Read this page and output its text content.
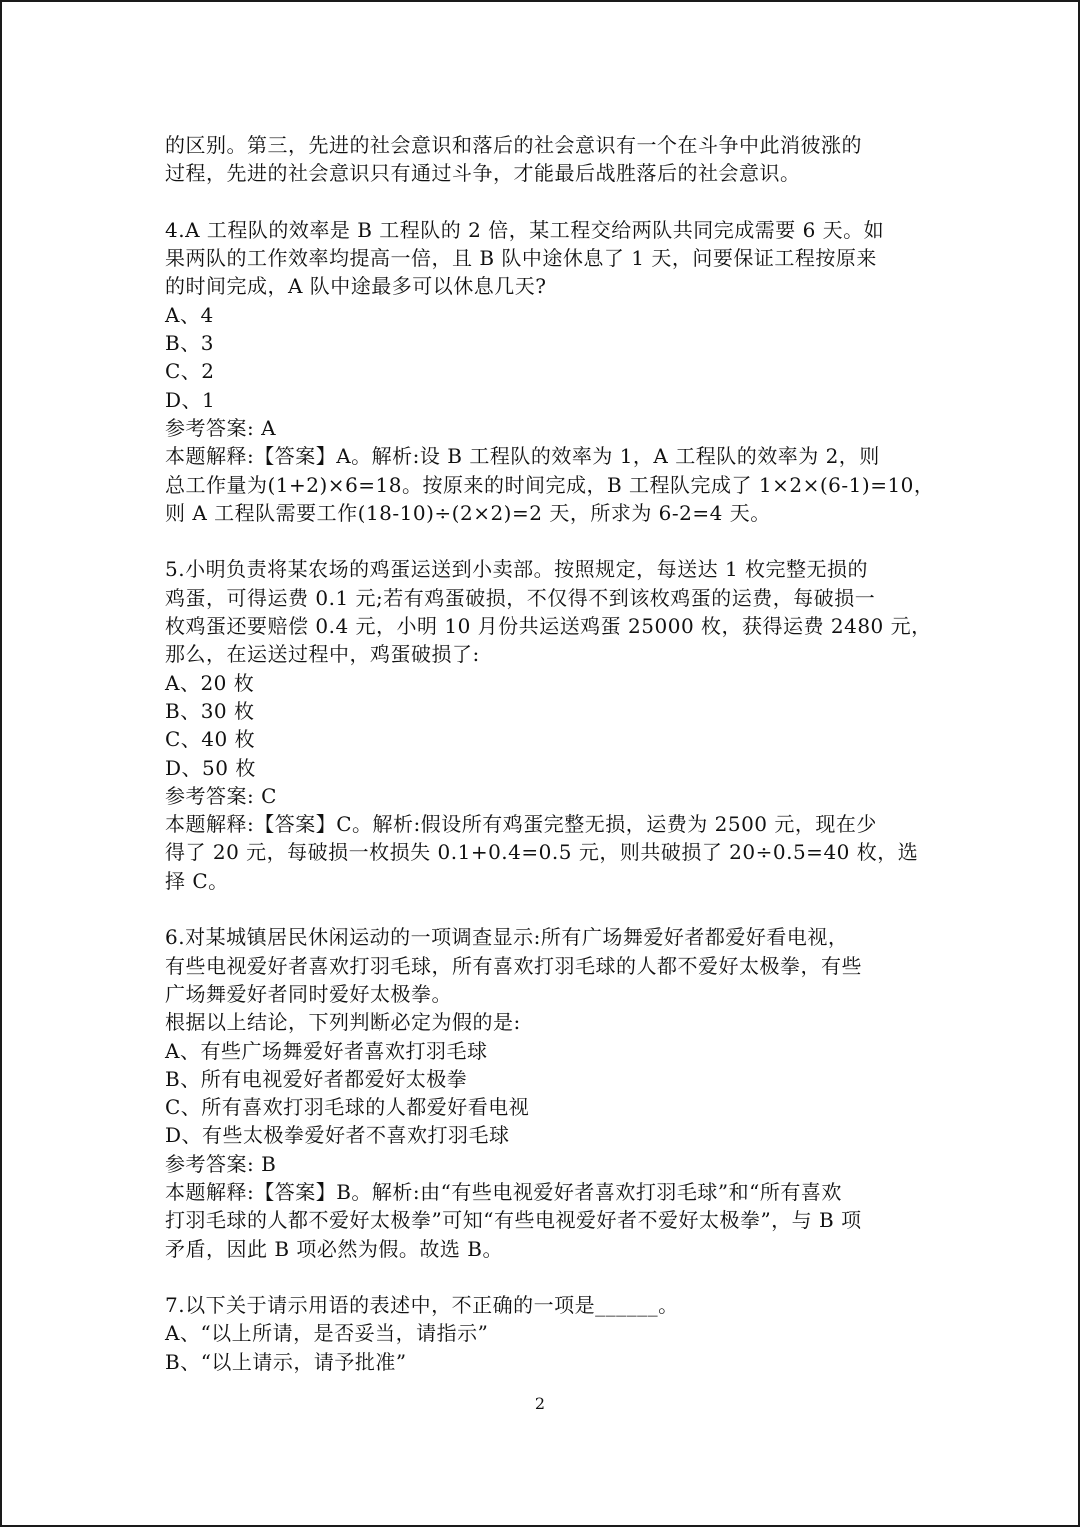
的区别。第三，先进的社会意识和落后的社会意识有一个在斗争中此消彼涨的
过程，先进的社会意识只有通过斗争，才能最后战胜落后的社会意识。
4.A 工程队的效率是 B 工程队的 2 倍，某工程交给两队共同完成需要 6 天。如
果两队的工作效率均提高一倍，且 B 队中途休息了 1 天，问要保证工程按原来
的时间完成，A 队中途最多可以休息几天?
A、4
B、3
C、2
D、1
参考答案: A
本题解释:【答案】A。解析:设 B 工程队的效率为 1，A 工程队的效率为 2，则
总工作量为(1+2)×6=18。按原来的时间完成，B 工程队完成了 1×2×(6-1)=10，
则 A 工程队需要工作(18-10)÷(2×2)=2 天，所求为 6-2=4 天。
5.小明负责将某农场的鸡蛋运送到小卖部。按照规定，每送达 1 枚完整无损的
鸡蛋，可得运费 0.1 元;若有鸡蛋破损，不仅得不到该枚鸡蛋的运费，每破损一
枚鸡蛋还要赔偿 0.4 元，小明 10 月份共运送鸡蛋 25000 枚，获得运费 2480 元，
那么，在运送过程中，鸡蛋破损了:
A、20 枚
B、30 枚
C、40 枚
D、50 枚
参考答案: C
本题解释:【答案】C。解析:假设所有鸡蛋完整无损，运费为 2500 元，现在少
得了 20 元，每破损一枚损失 0.1+0.4=0.5 元，则共破损了 20÷0.5=40 枚，选
择 C。
6.对某城镇居民休闲运动的一项调查显示:所有广场舞爱好者都爱好看电视，
有些电视爱好者喜欢打羽毛球，所有喜欢打羽毛球的人都不爱好太极拳，有些
广场舞爱好者同时爱好太极拳。
根据以上结论，下列判断必定为假的是:
A、有些广场舞爱好者喜欢打羽毛球
B、所有电视爱好者都爱好太极拳
C、所有喜欢打羽毛球的人都爱好看电视
D、有些太极拳爱好者不喜欢打羽毛球
参考答案: B
本题解释:【答案】B。解析:由“有些电视爱好者喜欢打羽毛球”和“所有喜欢
打羽毛球的人都不爱好太极拳”可知“有些电视爱好者不爱好太极拳”，与 B 项
矛盾，因此 B 项必然为假。故选 B。
7.以下关于请示用语的表述中，不正确的一项是______。
A、“以上所请，是否妥当，请指示”
B、“以上请示，请予批准”
2
